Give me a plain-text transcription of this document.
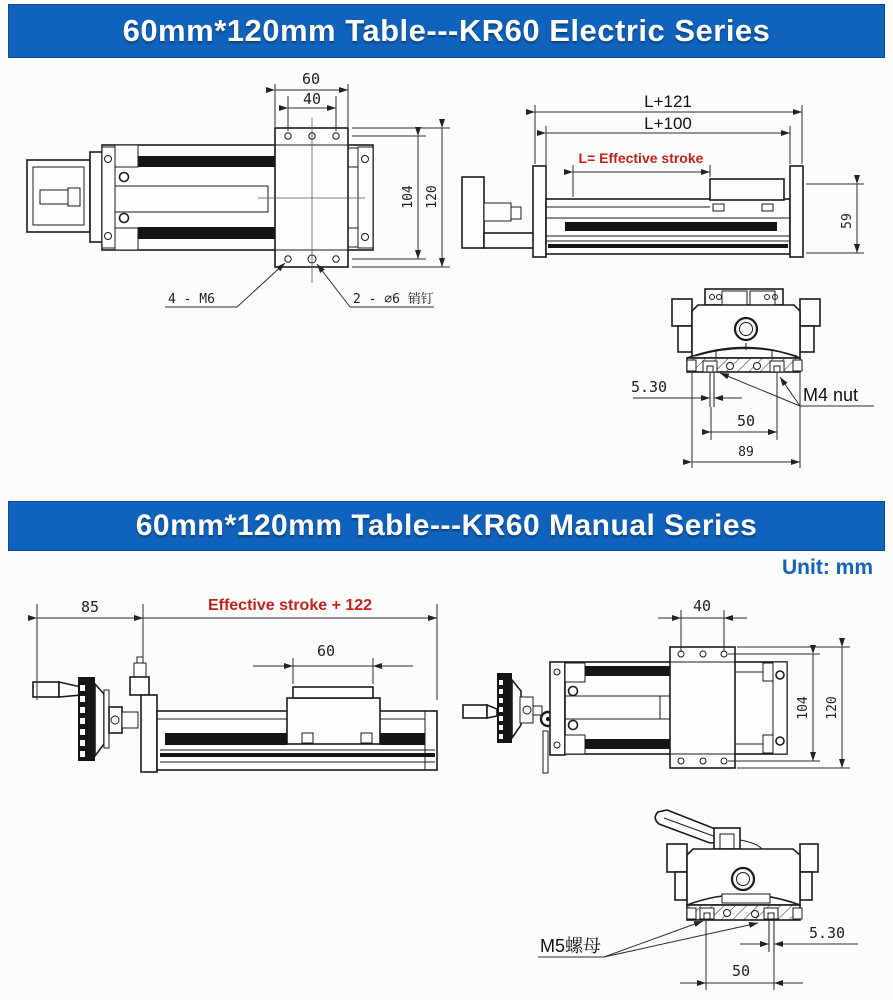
60mm*120mm Table---KR60 Electric Series
60mm*120mm Table---KR60 Manual Series
Unit: mm
60
40
104 120
4 - M6	2 - ∅6 销钉
L+121
L+100
L= Effective stroke
59
5.30
50
89
M4 nut
85	Effective stroke + 122
60
40
104 120
5.30
50
M5螺母
